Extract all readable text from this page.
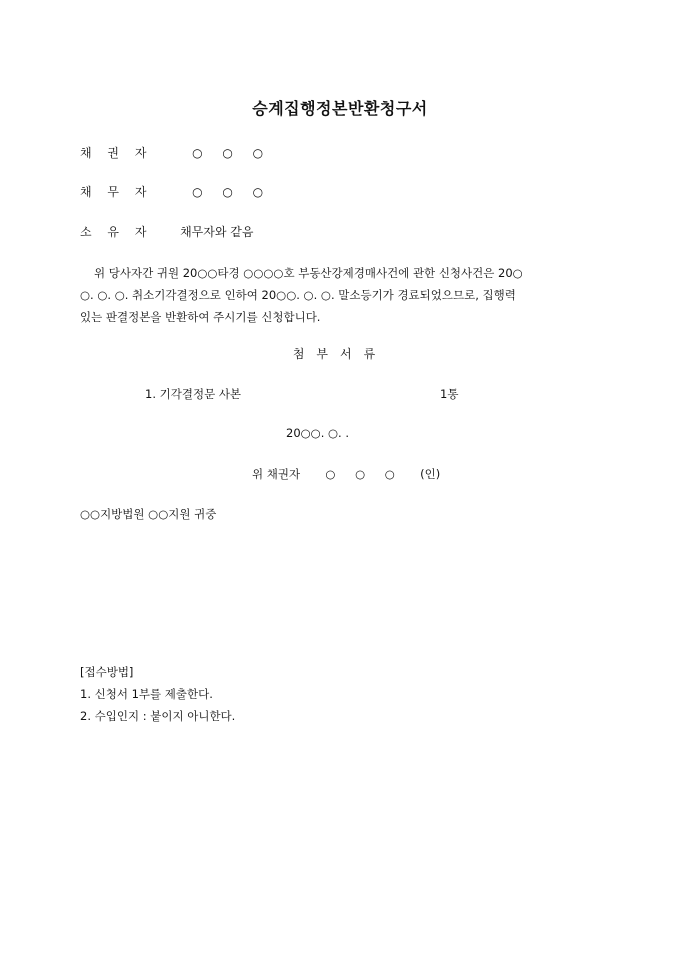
승계집행정본반환청구서
채 권 자	○ ○ ○
채 무 자	○ ○ ○
소 유 자 채무자와 같음
위 당사자간 귀원 20○○타경 ○○○○호 부동산강제경매사건에 관한 신청사건은 20○
○. ○. ○. 취소기각결정으로 인하여 20○○. ○. ○. 말소등기가 경료되었으므로, 집행력
있는 판결정본을 반환하여 주시기를 신청합니다.
첨부서류
1. 기각결정문 사본	1통
20○○. ○. .
위 채권자 ○ ○ ○ (인)
○○지방법원 ○○지원 귀중
[접수방법]
1. 신청서 1부를 제출한다.
2. 수입인지 : 붙이지 아니한다.
